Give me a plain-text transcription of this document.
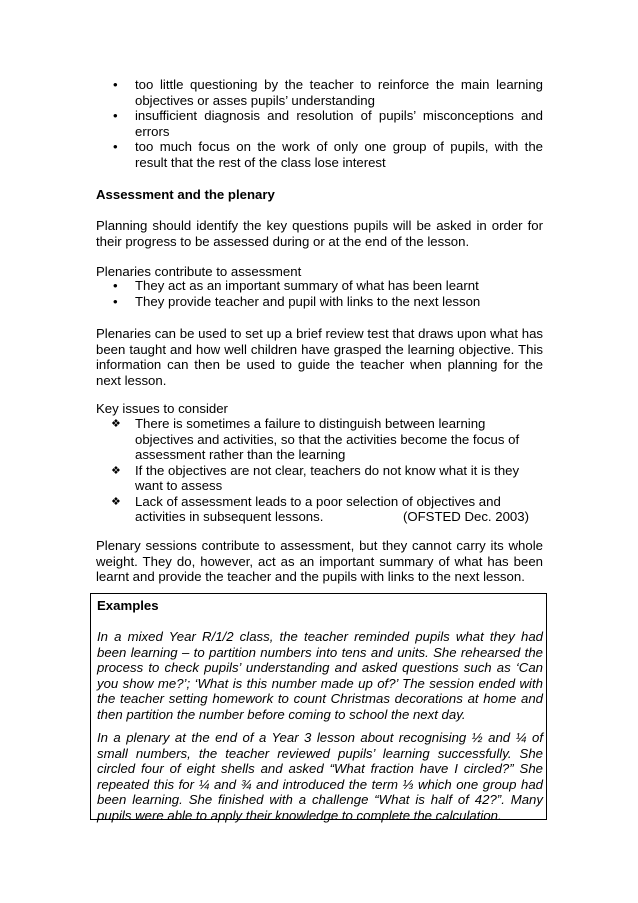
• too little questioning by the teacher to reinforce the main learning objectives or asses pupils’ understanding
• insufficient diagnosis and resolution of pupils’ misconceptions and errors
• too much focus on the work of only one group of pupils, with the result that the rest of the class lose interest

Assessment and the plenary

Planning should identify the key questions pupils will be asked in order for their progress to be assessed during or at the end of the lesson.

Plenaries contribute to assessment

• They act as an important summary of what has been learnt
• They provide teacher and pupil with links to the next lesson

Plenaries can be used to set up a brief review test that draws upon what has been taught and how well children have grasped the learning objective. This information can then be used to guide the teacher when planning for the next lesson.

Key issues to consider

❖ There is sometimes a failure to distinguish between learning objectives and activities, so that the activities become the focus of assessment rather than the learning
❖ If the objectives are not clear, teachers do not know what it is they want to assess
❖ Lack of assessment leads to a poor selection of objectives and activities in subsequent lessons.	(OFSTED Dec. 2003)

Plenary sessions contribute to assessment, but they cannot carry its whole weight. They do, however, act as an important summary of what has been learnt and provide the teacher and the pupils with links to the next lesson.

Examples

In a mixed Year R/1/2 class, the teacher reminded pupils what they had been learning – to partition numbers into tens and units. She rehearsed the process to check pupils’ understanding and asked questions such as ‘Can you show me?’; ‘What is this number made up of?’ The session ended with the teacher setting homework to count Christmas decorations at home and then partition the number before coming to school the next day.

In a plenary at the end of a Year 3 lesson about recognising ½ and ¼ of small numbers, the teacher reviewed pupils’ learning successfully. She circled four of eight shells and asked “What fraction have I circled?” She repeated this for ¼ and ¾ and introduced the term ⅓ which one group had been learning. She finished with a challenge “What is half of 42?”. Many pupils were able to apply their knowledge to complete the calculation.
